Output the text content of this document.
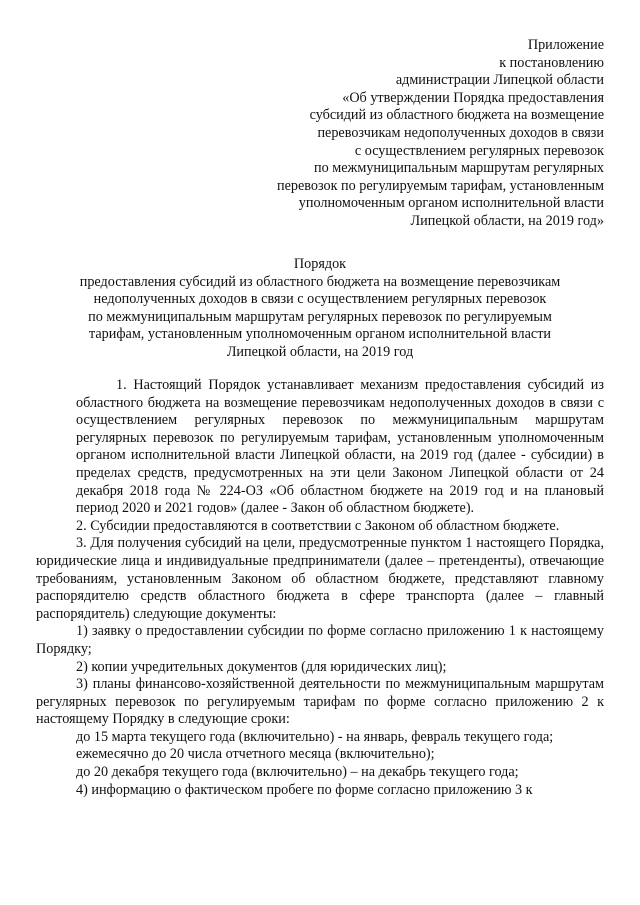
Приложение
к постановлению
администрации Липецкой области
«Об утверждении Порядка предоставления
субсидий из областного бюджета на возмещение
перевозчикам недополученных доходов в связи
с осуществлением регулярных перевозок
по межмуниципальным маршрутам регулярных
перевозок по регулируемым тарифам, установленным
уполномоченным органом исполнительной власти
Липецкой области, на 2019 год»
Порядок
предоставления субсидий из областного бюджета на возмещение перевозчикам
недополученных доходов в связи с осуществлением регулярных перевозок
по межмуниципальным маршрутам регулярных перевозок по регулируемым
тарифам, установленным уполномоченным органом исполнительной власти
Липецкой области, на 2019 год

1. Настоящий Порядок устанавливает механизм предоставления субсидий из областного бюджета на возмещение перевозчикам недополученных доходов в связи с осуществлением регулярных перевозок по межмуниципальным маршрутам регулярных перевозок по регулируемым тарифам, установленным уполномоченным органом исполнительной власти Липецкой области, на 2019 год (далее - субсидии) в пределах средств, предусмотренных на эти цели Законом Липецкой области от 24 декабря 2018 года № 224-ОЗ «Об областном бюджете на 2019 год и на плановый период 2020 и 2021 годов» (далее - Закон об областном бюджете).

2. Субсидии предоставляются в соответствии с Законом об областном бюджете.

3. Для получения субсидий на цели, предусмотренные пунктом 1 настоящего Порядка, юридические лица и индивидуальные предприниматели (далее – претенденты), отвечающие требованиям, установленным Законом об областном бюджете, представляют главному распорядителю средств областного бюджета в сфере транспорта (далее – главный распорядитель) следующие документы:

1) заявку о предоставлении субсидии по форме согласно приложению 1 к настоящему Порядку;

2) копии учредительных документов (для юридических лиц);

3) планы финансово-хозяйственной деятельности по межмуниципальным маршрутам регулярных перевозок по регулируемым тарифам по форме согласно приложению 2 к настоящему Порядку в следующие сроки:

до 15 марта текущего года (включительно) - на январь, февраль текущего года;

ежемесячно до 20 числа отчетного месяца (включительно);

до 20 декабря текущего года (включительно) – на декабрь текущего года;

4) информацию о фактическом пробеге по форме согласно приложению 3 к
